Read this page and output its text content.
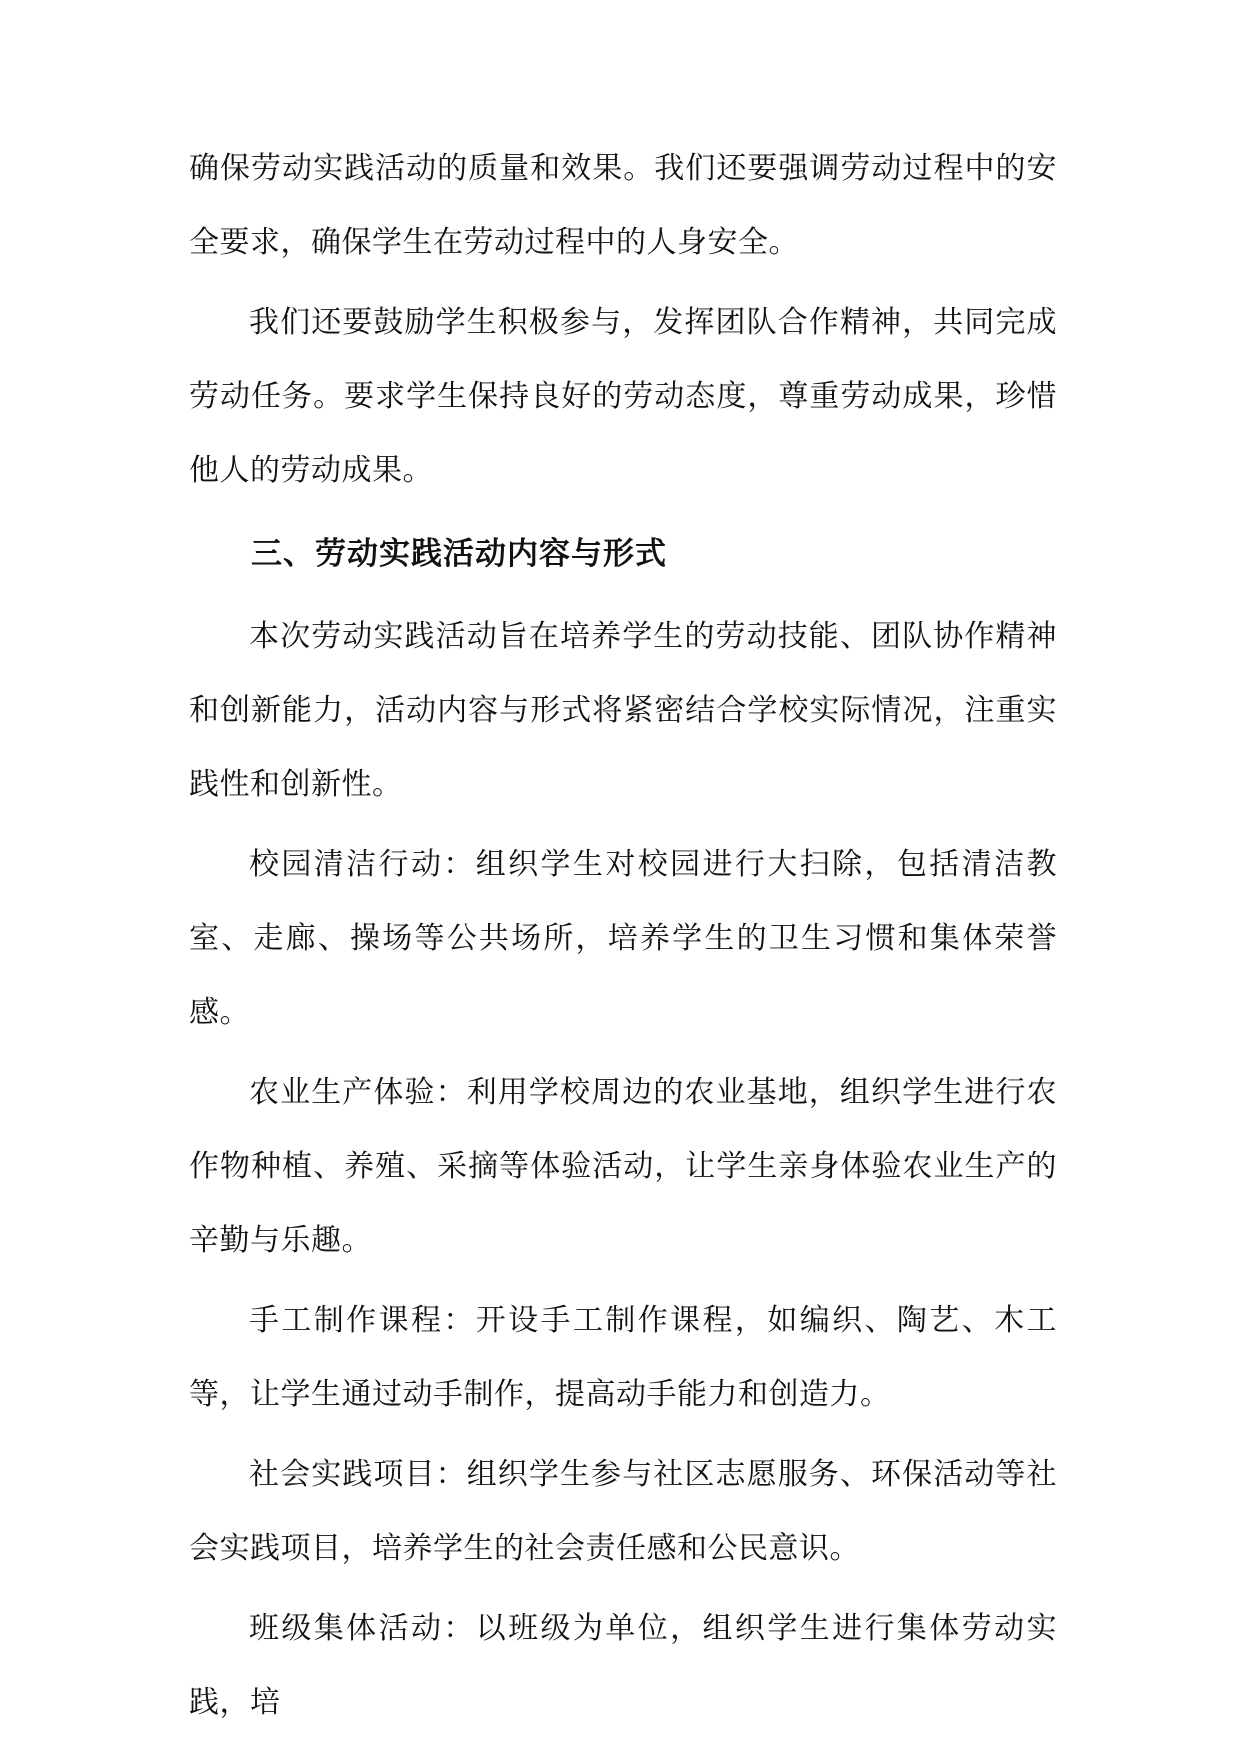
确保劳动实践活动的质量和效果。我们还要强调劳动过程中的安全要求，确保学生在劳动过程中的人身安全。

我们还要鼓励学生积极参与，发挥团队合作精神，共同完成劳动任务。要求学生保持良好的劳动态度，尊重劳动成果，珍惜他人的劳动成果。

三、劳动实践活动内容与形式

本次劳动实践活动旨在培养学生的劳动技能、团队协作精神和创新能力，活动内容与形式将紧密结合学校实际情况，注重实践性和创新性。

校园清洁行动：组织学生对校园进行大扫除，包括清洁教室、走廊、操场等公共场所，培养学生的卫生习惯和集体荣誉感。

农业生产体验：利用学校周边的农业基地，组织学生进行农作物种植、养殖、采摘等体验活动，让学生亲身体验农业生产的辛勤与乐趣。

手工制作课程：开设手工制作课程，如编织、陶艺、木工等，让学生通过动手制作，提高动手能力和创造力。

社会实践项目：组织学生参与社区志愿服务、环保活动等社会实践项目，培养学生的社会责任感和公民意识。

班级集体活动：以班级为单位，组织学生进行集体劳动实践，培
